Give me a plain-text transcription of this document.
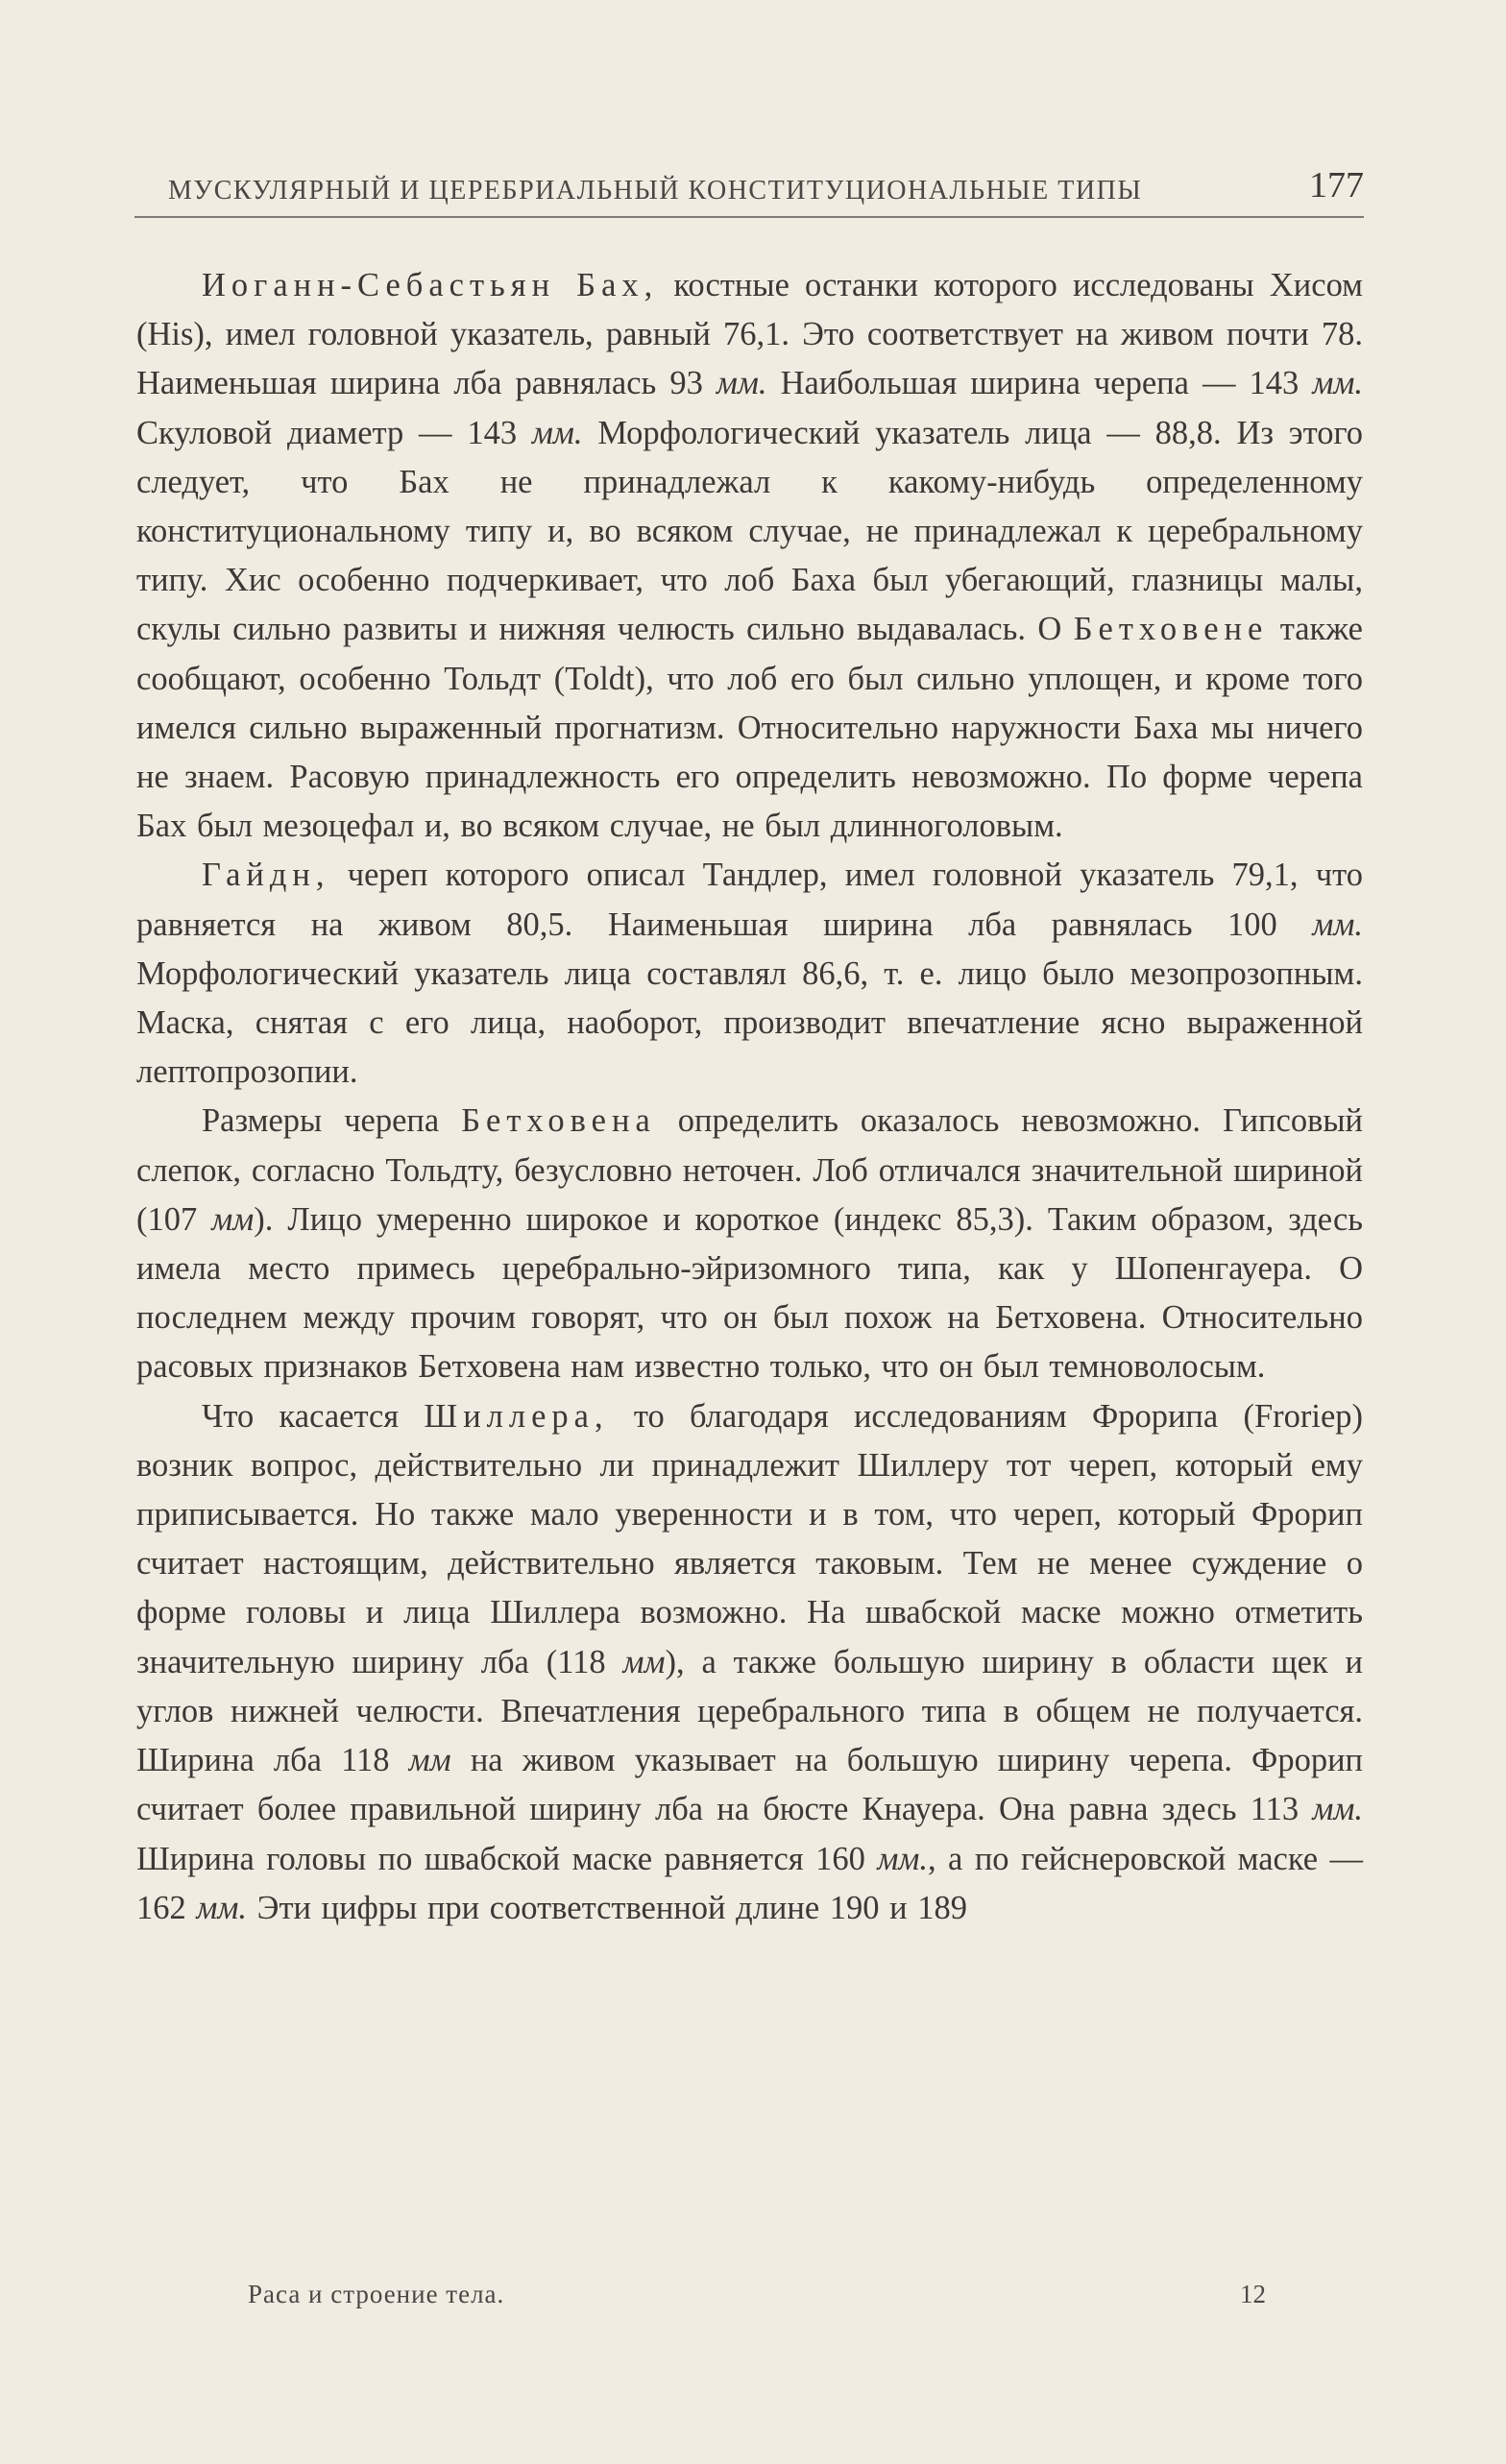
МУСКУЛЯРНЫЙ И ЦЕРЕБРИАЛЬНЫЙ КОНСТИТУЦИОНАЛЬНЫЕ ТИПЫ	177

Иоганн-Себастьян Бах, костные останки которого исследованы Хисом (His), имел головной указатель, равный 76,1. Это соответствует на живом почти 78. Наименьшая ширина лба равнялась 93 мм. Наибольшая ширина черепа — 143 мм. Скуловой диаметр — 143 мм. Морфологический указатель лица — 88,8. Из этого следует, что Бах не принадлежал к какому-нибудь определенному конституциональному типу и, во всяком случае, не принадлежал к церебральному типу. Хис особенно подчеркивает, что лоб Баха был убегающий, глазницы малы, скулы сильно развиты и нижняя челюсть сильно выдавалась. О Бетховене также сообщают, особенно Тольдт (Toldt), что лоб его был сильно уплощен, и кроме того имелся сильно выраженный прогнатизм. Относительно наружности Баха мы ничего не знаем. Расовую принадлежность его определить невозможно. По форме черепа Бах был мезоцефал и, во всяком случае, не был длинноголовым.

Гайдн, череп которого описал Тандлер, имел головной указатель 79,1, что равняется на живом 80,5. Наименьшая ширина лба равнялась 100 мм. Морфологический указатель лица составлял 86,6, т. е. лицо было мезопрозопным. Маска, снятая с его лица, наоборот, производит впечатление ясно выраженной лептопрозопии.

Размеры черепа Бетховена определить оказалось невозможно. Гипсовый слепок, согласно Тольдту, безусловно неточен. Лоб отличался значительной шириной (107 мм). Лицо умеренно широкое и короткое (индекс 85,3). Таким образом, здесь имела место примесь церебрально-эйризомного типа, как у Шопенгауера. О последнем между прочим говорят, что он был похож на Бетховена. Относительно расовых признаков Бетховена нам известно только, что он был темноволосым.

Что касается Шиллера, то благодаря исследованиям Фрорипа (Froriep) возник вопрос, действительно ли принадлежит Шиллеру тот череп, который ему приписывается. Но также мало уверенности и в том, что череп, который Фрорип считает настоящим, действительно является таковым. Тем не менее суждение о форме головы и лица Шиллера возможно. На швабской маске можно отметить значительную ширину лба (118 мм), а также большую ширину в области щек и углов нижней челюсти. Впечатления церебрального типа в общем не получается. Ширина лба 118 мм на живом указывает на большую ширину черепа. Фрорип считает более правильной ширину лба на бюсте Кнауера. Она равна здесь 113 мм. Ширина головы по швабской маске равняется 160 мм., а по гейснеровской маске — 162 мм. Эти цифры при соответственной длине 190 и 189

Раса и строение тела.	12
